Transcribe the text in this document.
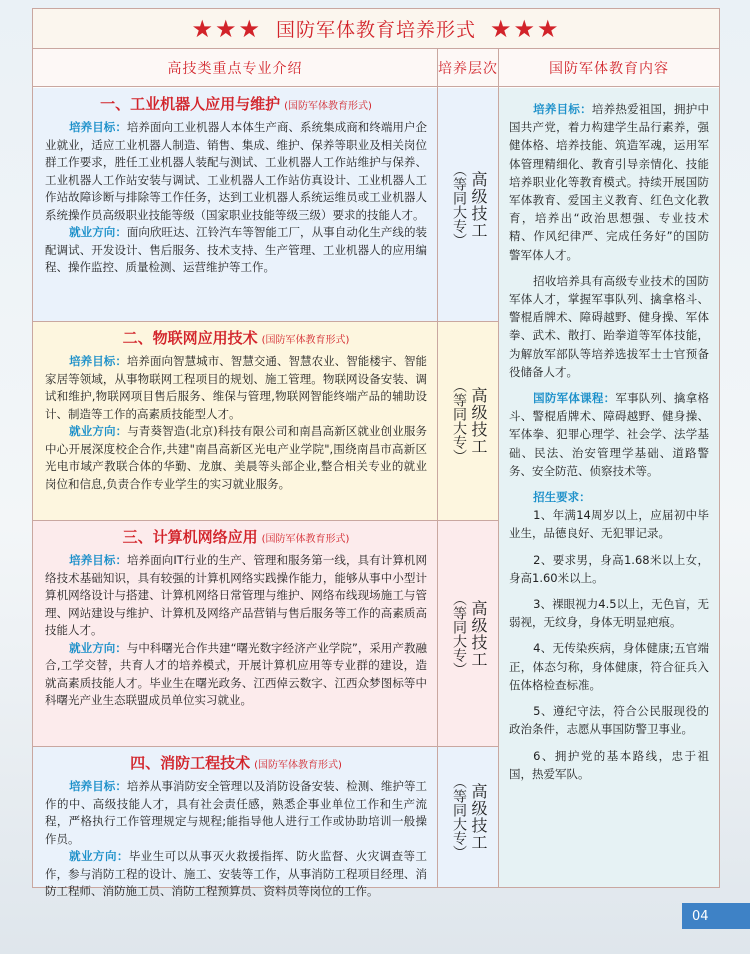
★★★ 国防军体教育培养形式 ★★★
高技类重点专业介绍	培养层次	国防军体教育内容
一、工业机器人应用与维护 (国防军体教育形式)

培养目标：培养面向工业机器人本体生产商、系统集成商和终端用户企业就业，适应工业机器人制造、销售、集成、维护、保养等职业及相关岗位群工作要求，胜任工业机器人装配与测试、工业机器人工作站维护与保养、工业机器人工作站安装与调试、工业机器人工作站仿真设计、工业机器人工作站故障诊断与排除等工作任务，达到工业机器人系统运维员或工业机器人系统操作员高级职业技能等级（国家职业技能等级三级）要求的技能人才。

就业方向：面向欣旺达、江铃汽车等智能工厂，从事自动化生产线的装配调试、开发设计、售后服务、技术支持、生产管理、工业机器人的应用编程、操作监控、质量检测、运营维护等工作。

（等同大专） 高级技工
二、物联网应用技术 (国防军体教育形式)

培养目标：培养面向智慧城市、智慧交通、智慧农业、智能楼宇、智能家居等领域，从事物联网工程项目的规划、施工管理。物联网设备安装、调试和维护,物联网项目售后服务、维保与管理,物联网智能终端产品的辅助设计、制造等工作的高素质技能型人才。

就业方向：与青葵智造(北京)科技有限公司和南昌高新区就业创业服务中心开展深度校企合作,共建"南昌高新区光电产业学院",围绕南昌市高新区光电市域产教联合体的华勤、龙旗、美晨等头部企业,整合相关专业的就业岗位和信息,负责合作专业学生的实习就业服务。

（等同大专） 高级技工
三、计算机网络应用 (国防军体教育形式)

培养目标：培养面向IT行业的生产、管理和服务第一线，具有计算机网络技术基础知识，具有较强的计算机网络实践操作能力，能够从事中小型计算机网络设计与搭建、计算机网络日常管理与维护、网络布线现场施工与管理、网站建设与维护、计算机及网络产品营销与售后服务等工作的高素质高技能人才。

就业方向：与中科曙光合作共建“曙光数字经济产业学院”，采用产教融合,工学交替，共育人才的培养模式，开展计算机应用等专业群的建设，造就高素质技能人才。毕业生在曙光政务、江西倬云数字、江西众梦图标等中科曙光产业生态联盟成员单位实习就业。

（等同大专） 高级技工
四、消防工程技术 (国防军体教育形式)

培养目标：培养从事消防安全管理以及消防设备安装、检测、维护等工作的中、高级技能人才，具有社会责任感，熟悉企事业单位工作和生产流程，严格执行工作管理规定与规程;能指导他人进行工作或协助培训一般操作员。

就业方向：毕业生可以从事灭火救援指挥、防火监督、火灾调查等工作，参与消防工程的设计、施工、安装等工作，从事消防工程项目经理、消防工程师、消防施工员、消防工程预算员、资料员等岗位的工作。

（等同大专） 高级技工

培养目标：培养热爱祖国，拥护中国共产党，着力构建学生品行素养，强健体格、培养技能、筑造军魂，运用军体管理精细化、教育引导亲情化、技能培养职业化等教育模式。持续开展国防军体教育、爱国主义教育、红色文化教育，培养出“政治思想强、专业技术精、作风纪律严、完成任务好”的国防警军体人才。

招收培养具有高级专业技术的国防军体人才，掌握军事队列、擒拿格斗、警棍盾牌术、障碍越野、健身操、军体拳、武术、散打、跆拳道等军体技能，为解放军部队等培养选拔军士士官预备役储备人才。

国防军体课程：军事队列、擒拿格斗、警棍盾牌术、障碍越野、健身操、军体拳、犯罪心理学、社会学、法学基础、民法、治安管理学基础、道路警务、安全防范、侦察技术等。

招生要求：

1、年满14周岁以上，应届初中毕业生，品德良好、无犯罪记录。

2、要求男，身高1.68米以上女，身高1.60米以上。

3、裸眼视力4.5以上，无色盲，无弱视，无纹身，身体无明显疤痕。

4、无传染疾病，身体健康;五官端正，体态匀称，身体健康，符合征兵入伍体格检查标准。

5、遵纪守法，符合公民服现役的政治条件，志愿从事国防警卫事业。

6、拥护党的基本路线，忠于祖国，热爱军队。

04
